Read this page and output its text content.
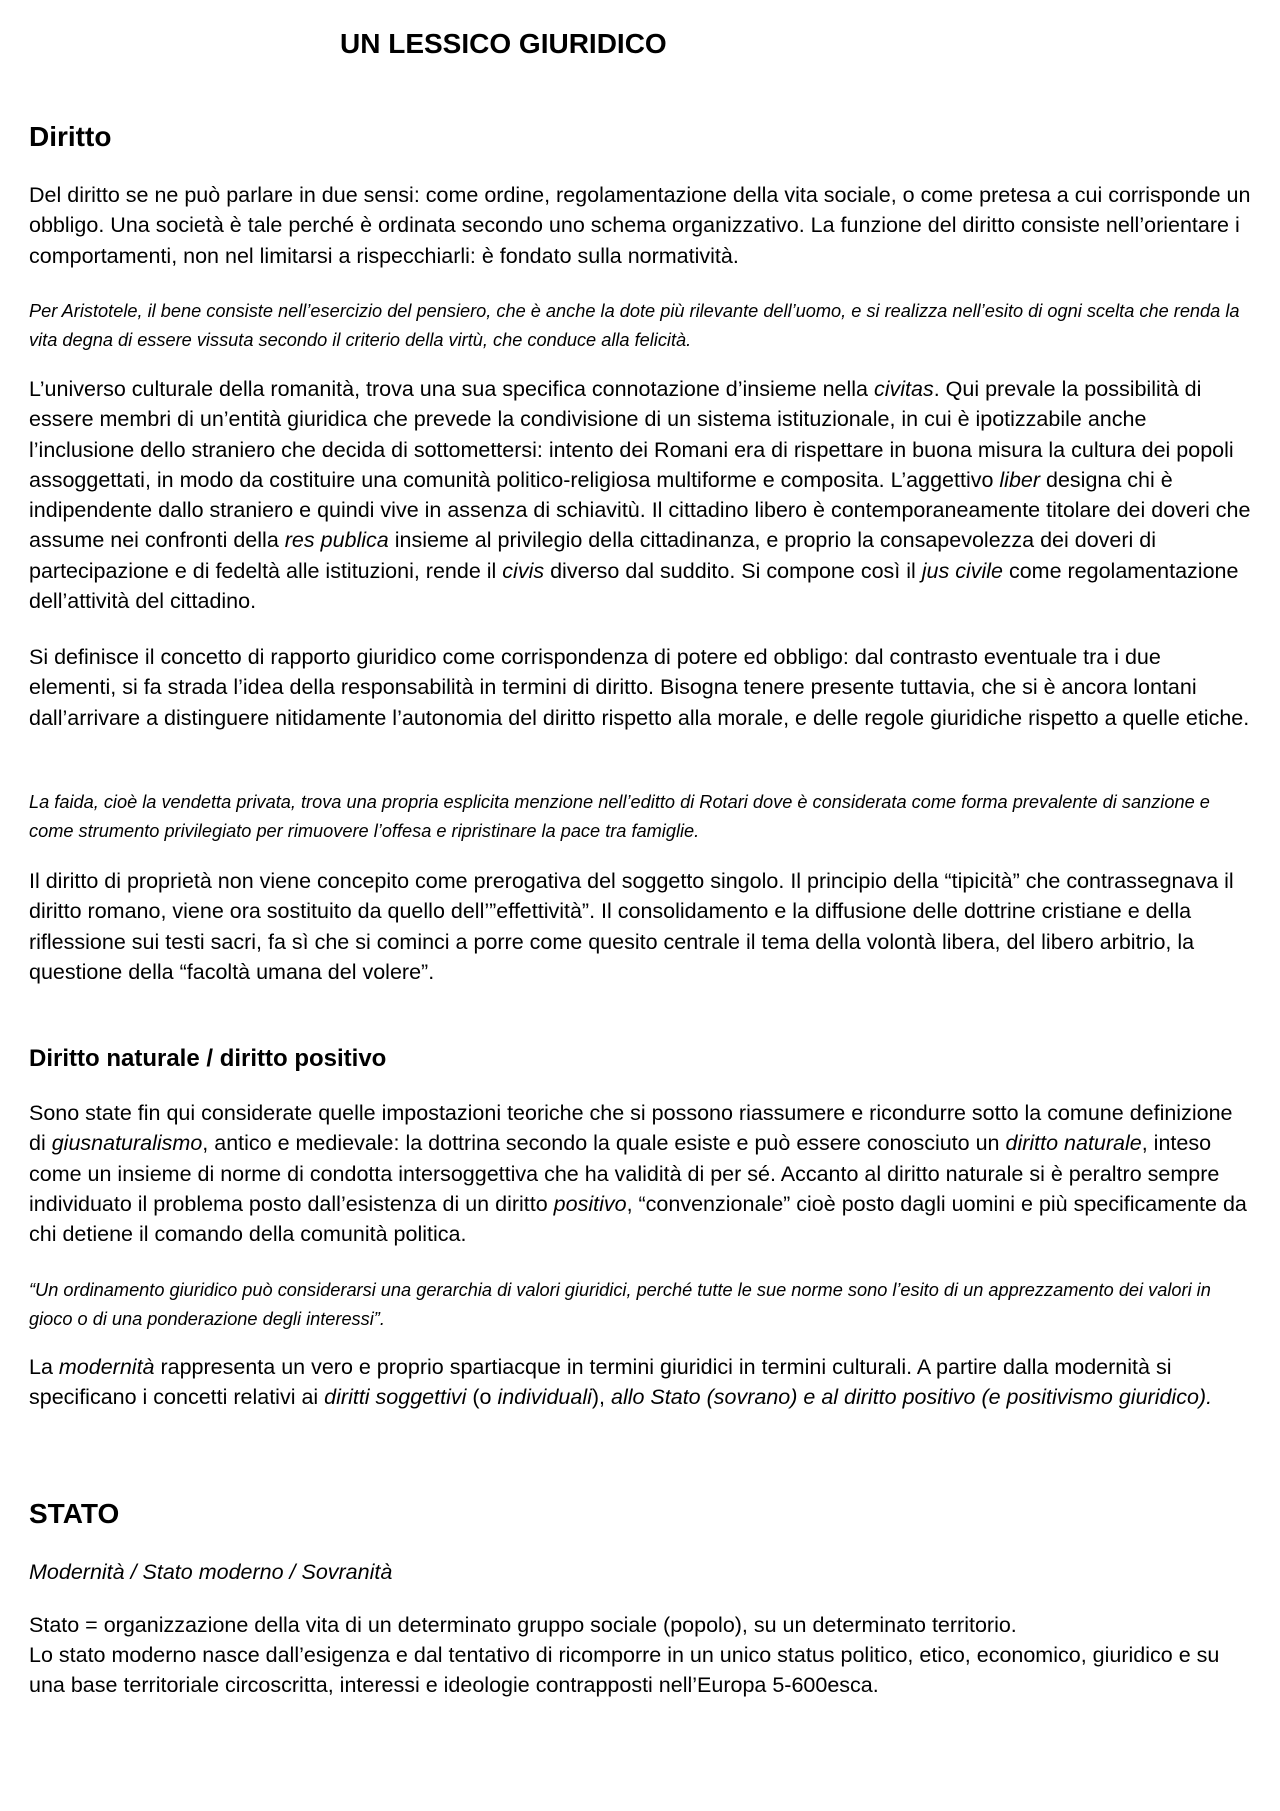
UN LESSICO GIURIDICO
Diritto

Del diritto se ne può parlare in due sensi: come ordine, regolamentazione della vita sociale, o come pretesa a cui corrisponde un obbligo. Una società è tale perché è ordinata secondo uno schema organizzativo. La funzione del diritto consiste nell’orientare i comportamenti, non nel limitarsi a rispecchiarli: è fondato sulla normatività.

Per Aristotele, il bene consiste nell’esercizio del pensiero, che è anche la dote più rilevante dell’uomo, e si realizza nell’esito di ogni scelta che renda la vita degna di essere vissuta secondo il criterio della virtù, che conduce alla felicità.

L’universo culturale della romanità, trova una sua specifica connotazione d’insieme nella civitas. Qui prevale la possibilità di essere membri di un’entità giuridica che prevede la condivisione di un sistema istituzionale, in cui è ipotizzabile anche l’inclusione dello straniero che decida di sottomettersi: intento dei Romani era di rispettare in buona misura la cultura dei popoli assoggettati, in modo da costituire una comunità politico-religiosa multiforme e composita. L’aggettivo liber designa chi è indipendente dallo straniero e quindi vive in assenza di schiavitù. Il cittadino libero è contemporaneamente titolare dei doveri che assume nei confronti della res publica insieme al privilegio della cittadinanza, e proprio la consapevolezza dei doveri di partecipazione e di fedeltà alle istituzioni, rende il civis diverso dal suddito. Si compone così il jus civile come regolamentazione dell’attività del cittadino.

Si definisce il concetto di rapporto giuridico come corrispondenza di potere ed obbligo: dal contrasto eventuale tra i due elementi, si fa strada l’idea della responsabilità in termini di diritto. Bisogna tenere presente tuttavia, che si è ancora lontani dall’arrivare a distinguere nitidamente l’autonomia del diritto rispetto alla morale, e delle regole giuridiche rispetto a quelle etiche.

La faida, cioè la vendetta privata, trova una propria esplicita menzione nell’editto di Rotari dove è considerata come forma prevalente di sanzione e come strumento privilegiato per rimuovere l’offesa e ripristinare la pace tra famiglie.

Il diritto di proprietà non viene concepito come prerogativa del soggetto singolo. Il principio della “tipicità” che contrassegnava il diritto romano, viene ora sostituito da quello dell’”effettività”. Il consolidamento e la diffusione delle dottrine cristiane e della riflessione sui testi sacri, fa sì che si cominci a porre come quesito centrale il tema della volontà libera, del libero arbitrio, la questione della “facoltà umana del volere”.

Diritto naturale / diritto positivo

Sono state fin qui considerate quelle impostazioni teoriche che si possono riassumere e ricondurre sotto la comune definizione di giusnaturalismo, antico e medievale: la dottrina secondo la quale esiste e può essere conosciuto un diritto naturale, inteso come un insieme di norme di condotta intersoggettiva che ha validità di per sé. Accanto al diritto naturale si è peraltro sempre individuato il problema posto dall’esistenza di un diritto positivo, “convenzionale” cioè posto dagli uomini e più specificamente da chi detiene il comando della comunità politica.

“Un ordinamento giuridico può considerarsi una gerarchia di valori giuridici, perché tutte le sue norme sono l’esito di un apprezzamento dei valori in gioco o di una ponderazione degli interessi”.

La modernità rappresenta un vero e proprio spartiacque in termini giuridici in termini culturali. A partire dalla modernità si specificano i concetti relativi ai diritti soggettivi (o individuali), allo Stato (sovrano) e al diritto positivo (e positivismo giuridico).

STATO

Modernità / Stato moderno / Sovranità

Stato = organizzazione della vita di un determinato gruppo sociale (popolo), su un determinato territorio.

Lo stato moderno nasce dall’esigenza e dal tentativo di ricomporre in un unico status politico, etico, economico, giuridico e su una base territoriale circoscritta, interessi e ideologie contrapposti nell’Europa 5-600esca.
